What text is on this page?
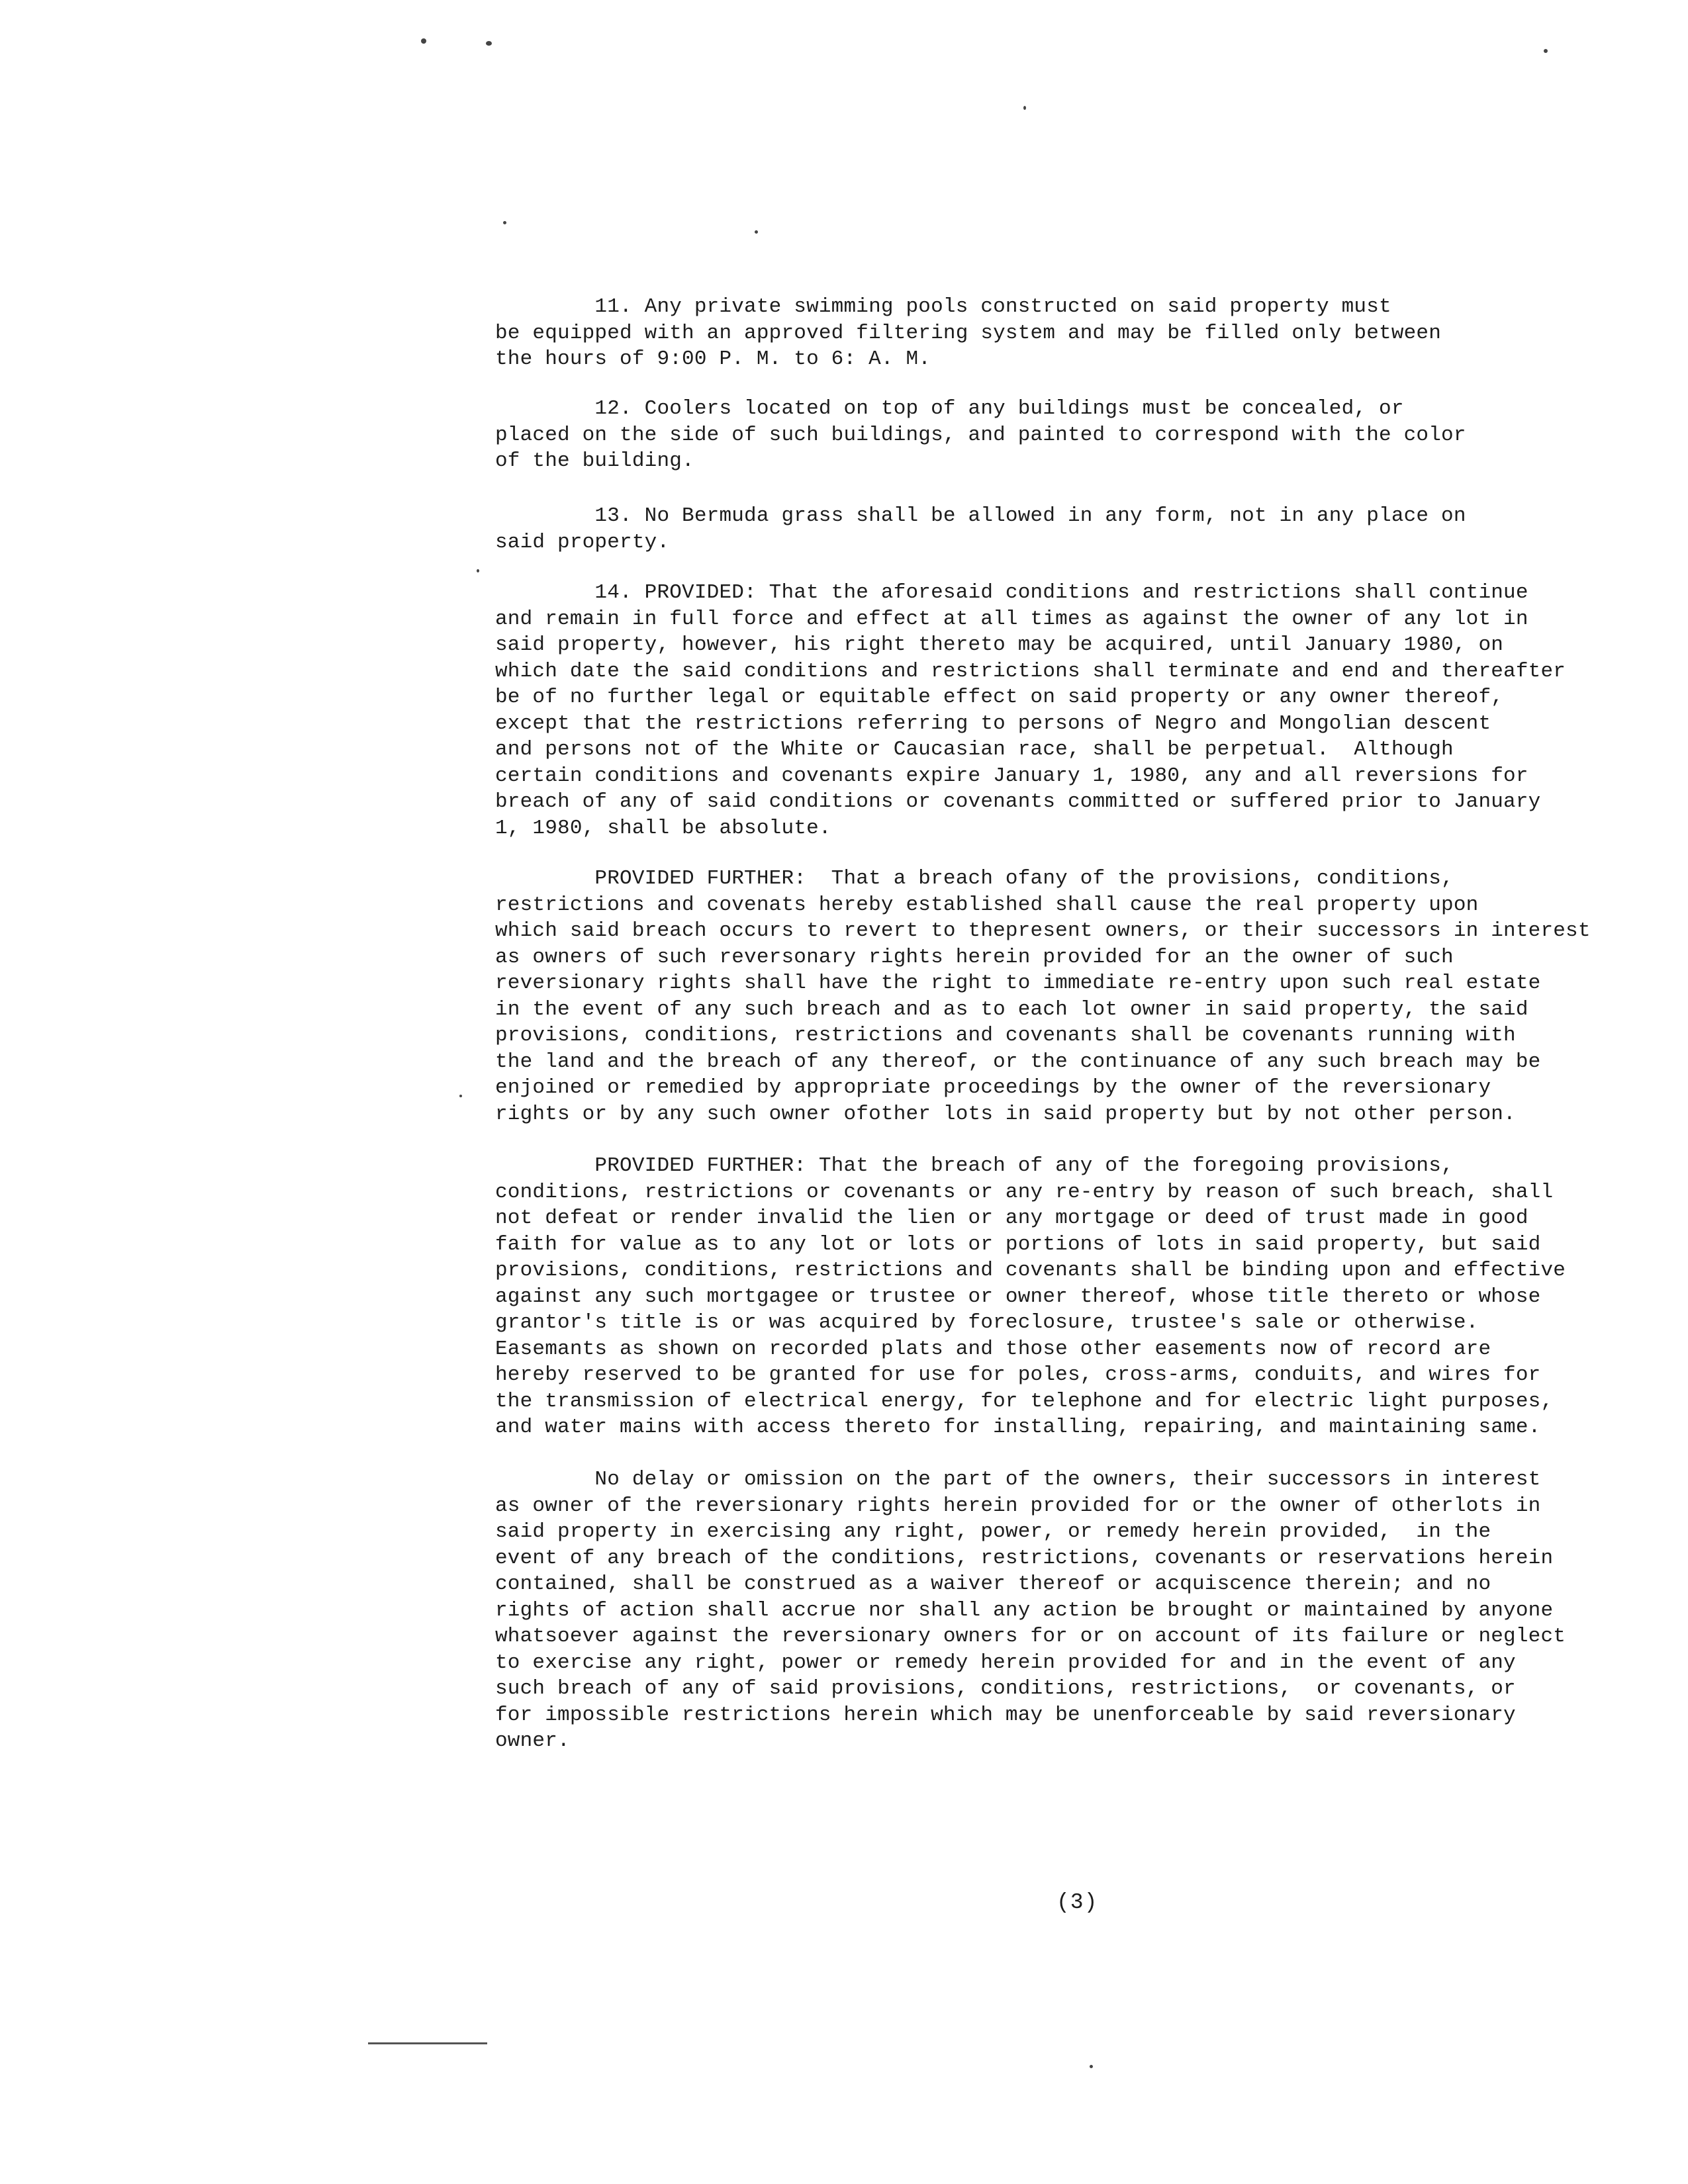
11. Any private swimming pools constructed on said property must
be equipped with an approved filtering system and may be filled only between
the hours of 9:00 P. M. to 6: A. M.
12. Coolers located on top of any buildings must be concealed, or
placed on the side of such buildings, and painted to correspond with the color
of the building.
13. No Bermuda grass shall be allowed in any form, not in any place on
said property.
14. PROVIDED: That the aforesaid conditions and restrictions shall continue
and remain in full force and effect at all times as against the owner of any lot in
said property, however, his right thereto may be acquired, until January 1980, on
which date the said conditions and restrictions shall terminate and end and thereafter
be of no further legal or equitable effect on said property or any owner thereof,
except that the restrictions referring to persons of Negro and Mongolian descent
and persons not of the White or Caucasian race, shall be perpetual.  Although
certain conditions and covenants expire January 1, 1980, any and all reversions for
breach of any of said conditions or covenants committed or suffered prior to January
1, 1980, shall be absolute.
PROVIDED FURTHER:  That a breach ofany of the provisions, conditions,
restrictions and covenats hereby established shall cause the real property upon
which said breach occurs to revert to thepresent owners, or their successors in interest
as owners of such reversonary rights herein provided for an the owner of such
reversionary rights shall have the right to immediate re-entry upon such real estate
in the event of any such breach and as to each lot owner in said property, the said
provisions, conditions, restrictions and covenants shall be covenants running with
the land and the breach of any thereof, or the continuance of any such breach may be
enjoined or remedied by appropriate proceedings by the owner of the reversionary
rights or by any such owner ofother lots in said property but by not other person.
PROVIDED FURTHER: That the breach of any of the foregoing provisions,
conditions, restrictions or covenants or any re-entry by reason of such breach, shall
not defeat or render invalid the lien or any mortgage or deed of trust made in good
faith for value as to any lot or lots or portions of lots in said property, but said
provisions, conditions, restrictions and covenants shall be binding upon and effective
against any such mortgagee or trustee or owner thereof, whose title thereto or whose
grantor's title is or was acquired by foreclosure, trustee's sale or otherwise.
Easemants as shown on recorded plats and those other easements now of record are
hereby reserved to be granted for use for poles, cross-arms, conduits, and wires for
the transmission of electrical energy, for telephone and for electric light purposes,
and water mains with access thereto for installing, repairing, and maintaining same.
No delay or omission on the part of the owners, their successors in interest
as owner of the reversionary rights herein provided for or the owner of otherlots in
said property in exercising any right, power, or remedy herein provided,  in the
event of any breach of the conditions, restrictions, covenants or reservations herein
contained, shall be construed as a waiver thereof or acquiscence therein; and no
rights of action shall accrue nor shall any action be brought or maintained by anyone
whatsoever against the reversionary owners for or on account of its failure or neglect
to exercise any right, power or remedy herein provided for and in the event of any
such breach of any of said provisions, conditions, restrictions,  or covenants, or
for impossible restrictions herein which may be unenforceable by said reversionary
owner.
(3)
